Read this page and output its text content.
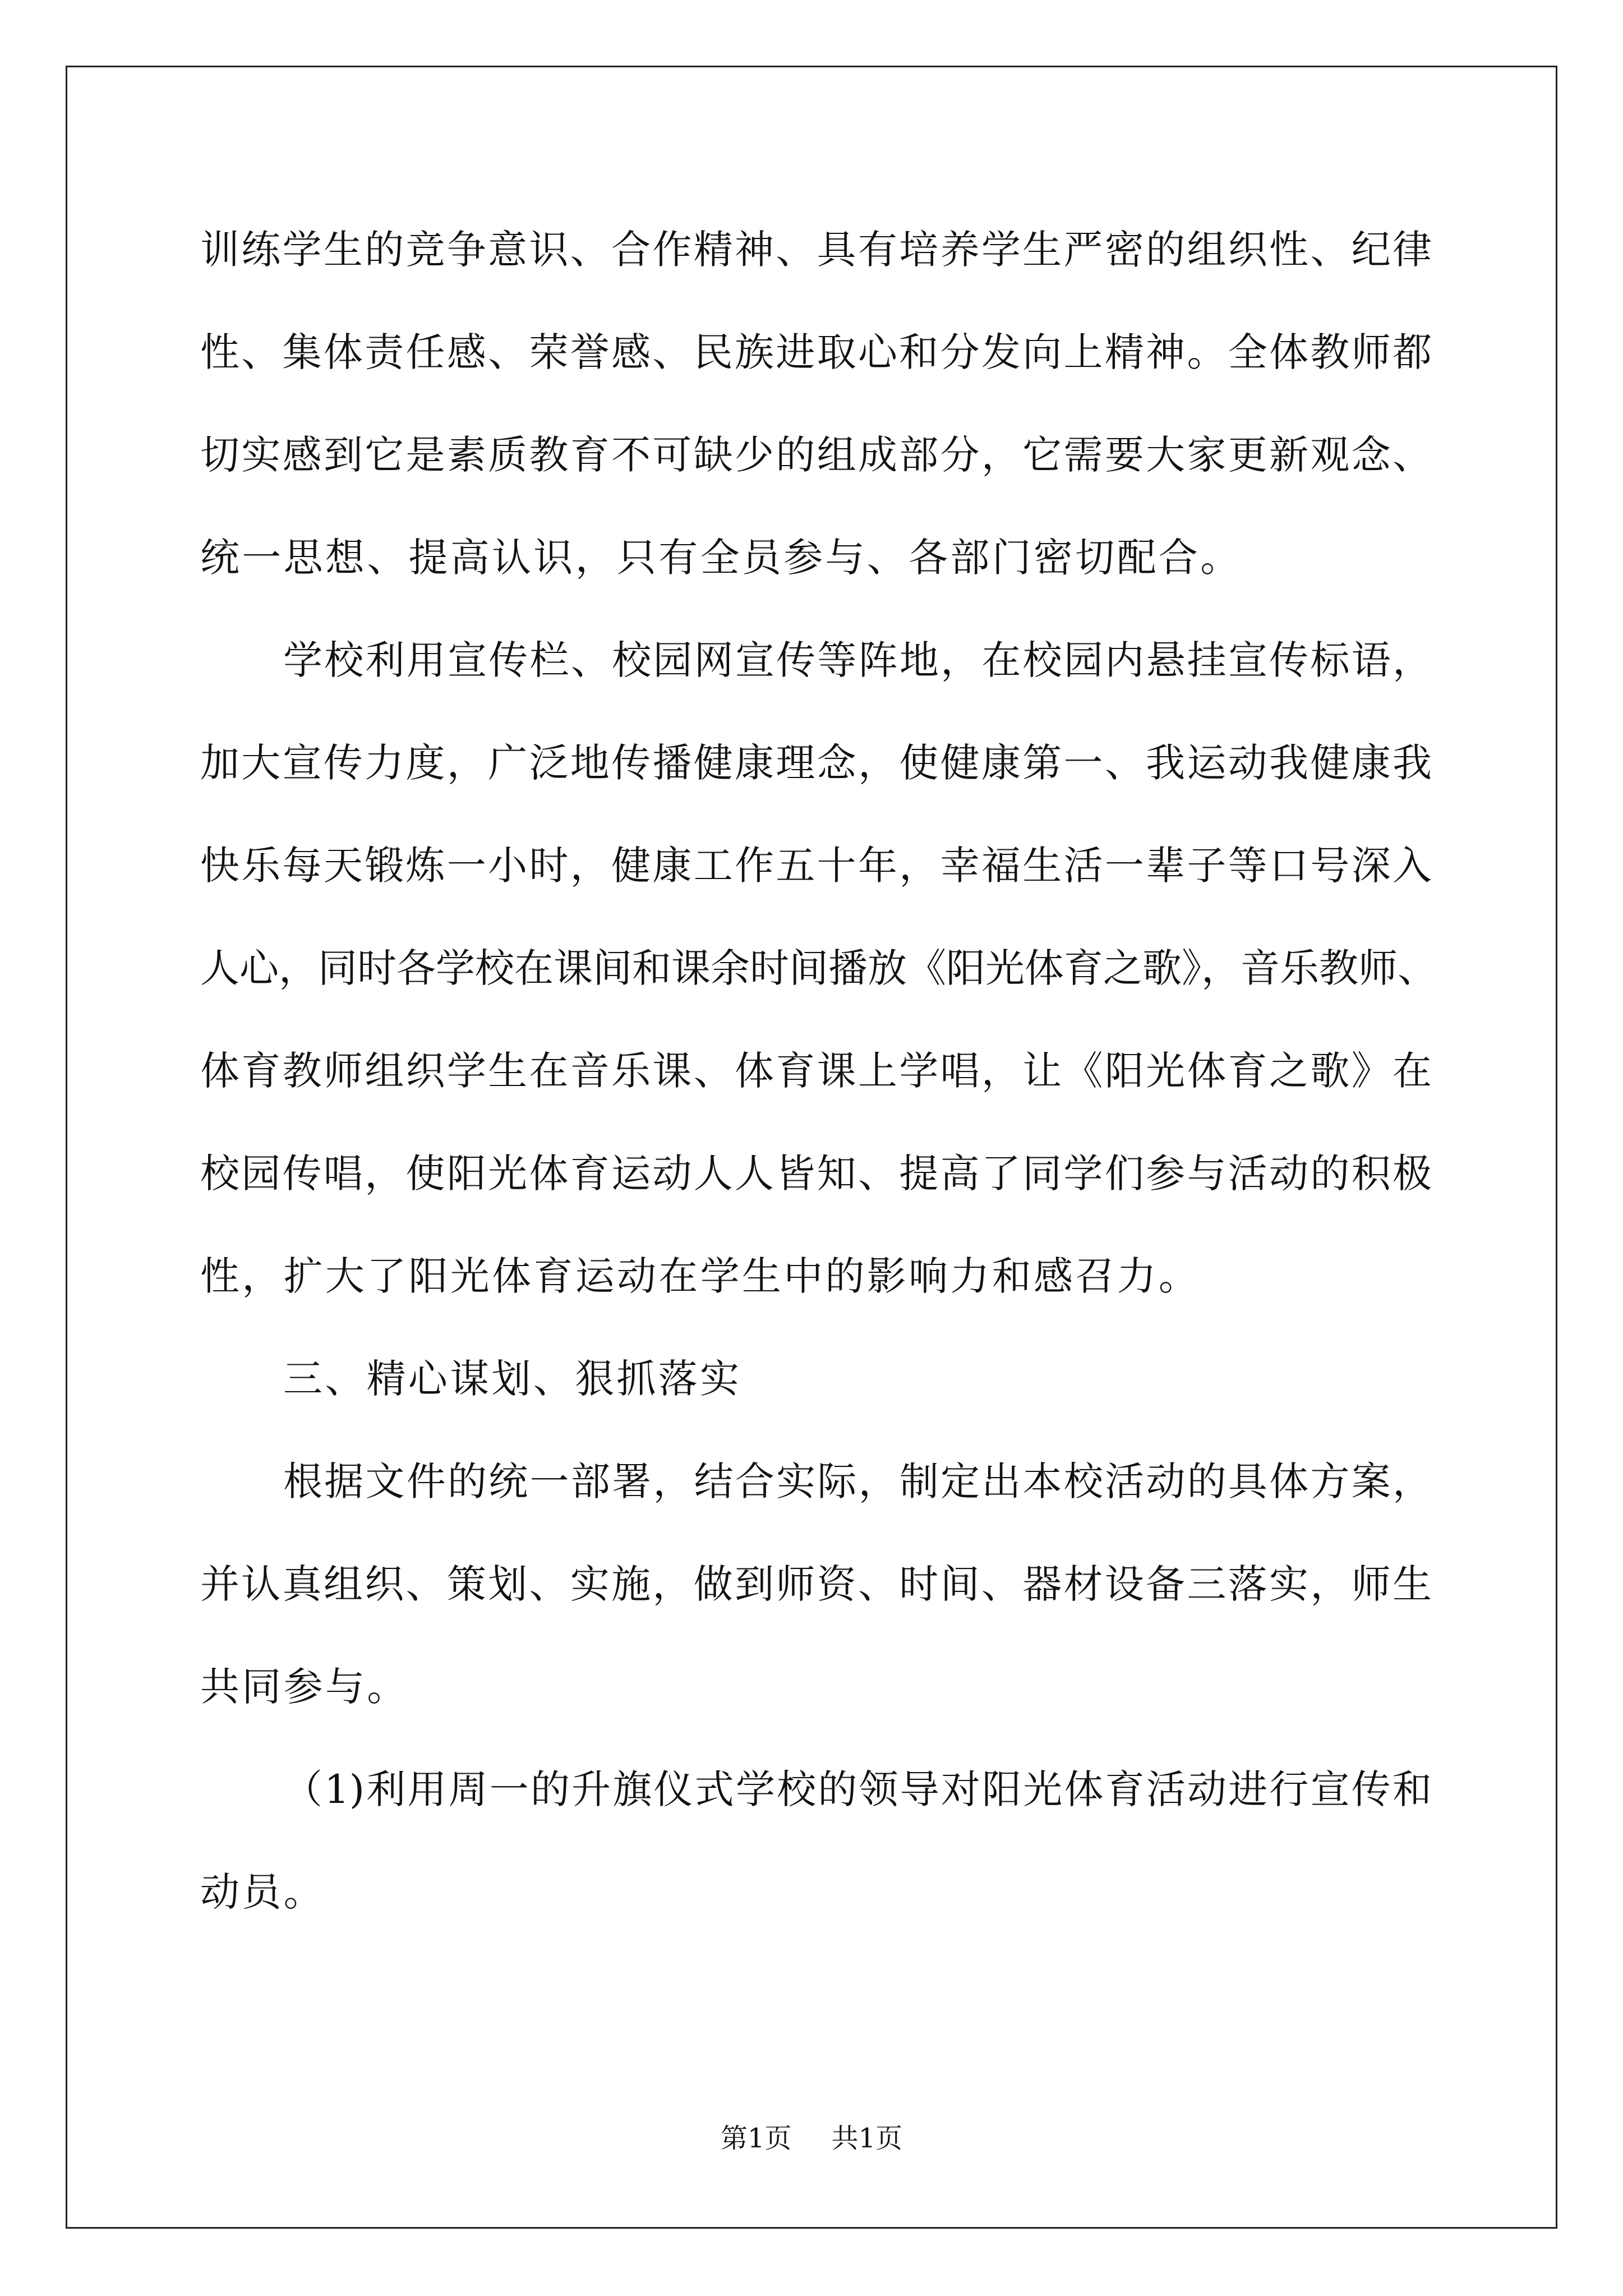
训练学生的竞争意识、合作精神、具有培养学生严密的组织性、纪律
性、集体责任感、荣誉感、民族进取心和分发向上精神。全体教师都
切实感到它是素质教育不可缺少的组成部分，它需要大家更新观念、
统一思想、提高认识，只有全员参与、各部门密切配合。
学校利用宣传栏、校园网宣传等阵地，在校园内悬挂宣传标语，
加大宣传力度，广泛地传播健康理念，使健康第一、我运动我健康我
快乐每天锻炼一小时，健康工作五十年，幸福生活一辈子等口号深入
人心，同时各学校在课间和课余时间播放《阳光体育之歌》，音乐教师、
体育教师组织学生在音乐课、体育课上学唱，让《阳光体育之歌》在
校园传唱，使阳光体育运动人人皆知、提高了同学们参与活动的积极
性，扩大了阳光体育运动在学生中的影响力和感召力。
三、精心谋划、狠抓落实
根据文件的统一部署，结合实际，制定出本校活动的具体方案，
并认真组织、策划、实施，做到师资、时间、器材设备三落实，师生
共同参与。
（1)利用周一的升旗仪式学校的领导对阳光体育活动进行宣传和
动员。
第1页 共1页
